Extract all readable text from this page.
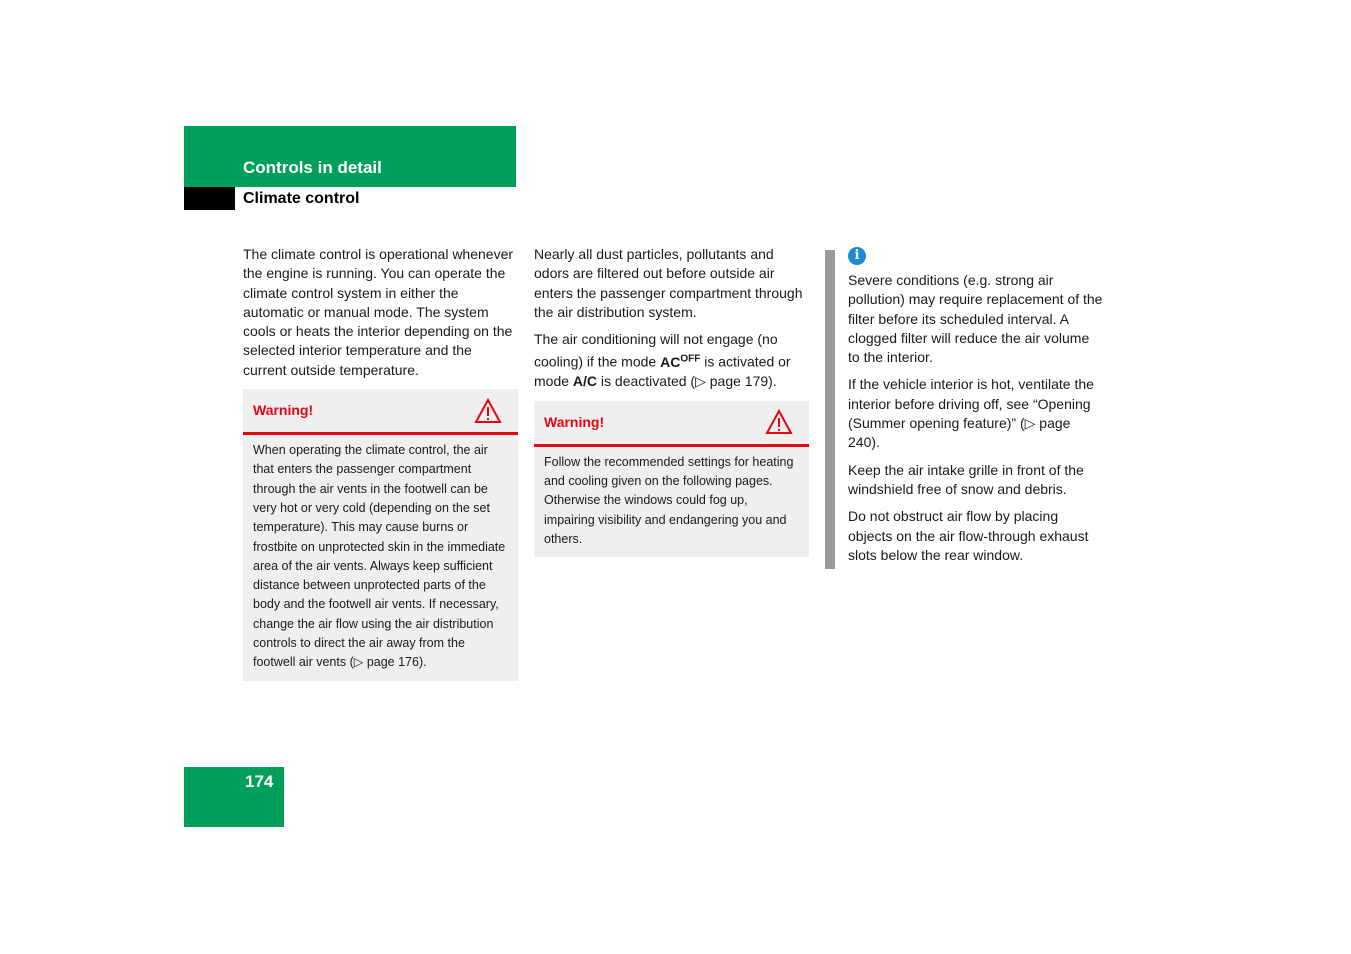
Controls in detail
Climate control

The climate control is operational whenever the engine is running. You can operate the climate control system in either the automatic or manual mode. The system cools or heats the interior depending on the selected interior temperature and the current outside temperature.

Warning!
When operating the climate control, the air that enters the passenger compartment through the air vents in the footwell can be very hot or very cold (depending on the set temperature). This may cause burns or frostbite on unprotected skin in the immediate area of the air vents. Always keep sufficient distance between unprotected parts of the body and the footwell air vents. If necessary, change the air flow using the air distribution controls to direct the air away from the footwell air vents (▷ page 176).

Nearly all dust particles, pollutants and odors are filtered out before outside air enters the passenger compartment through the air distribution system.

The air conditioning will not engage (no cooling) if the mode $AC^{OFF}$ is activated or mode A/C is deactivated (▷ page 179).

Warning!
Follow the recommended settings for heating and cooling given on the following pages. Otherwise the windows could fog up, impairing visibility and endangering you and others.
i

Severe conditions (e.g. strong air pollution) may require replacement of the filter before its scheduled interval. A clogged filter will reduce the air volume to the interior.

If the vehicle interior is hot, ventilate the interior before driving off, see “Opening (Summer opening feature)” (▷ page 240).

Keep the air intake grille in front of the windshield free of snow and debris.

Do not obstruct air flow by placing objects on the air flow-through exhaust slots below the rear window.

174
